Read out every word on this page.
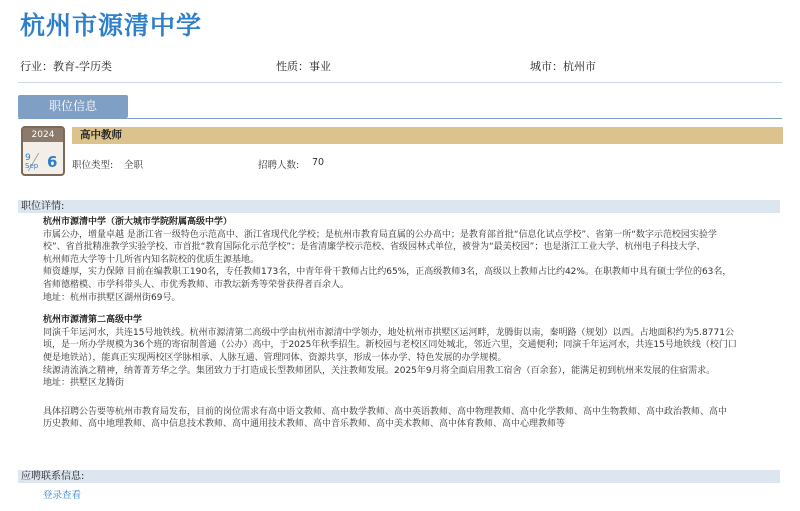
杭州市源清中学
行业：教育-学历类	性质：事业	城市：杭州市
职位信息
2024
9
Sep 6
高中教师
职位类型: 全职	招聘人数: 70
职位详情:

杭州市源清中学（浙大城市学院附属高级中学）

市属公办，增量卓越 是浙江省一级特色示范高中、浙江省现代化学校；是杭州市教育局直属的公办高中；是教育部首批“信息化试点学校”、省第一所“数字示范校园实验学

校”、省首批精准教学实验学校、市首批“教育国际化示范学校”；是省清廉学校示范校、省级园林式单位，被誉为“最美校园”；也是浙江工业大学、杭州电子科技大学、

杭州师范大学等十几所省内知名院校的优质生源基地。

师资雄厚，实力保障 目前在编教职工190名，专任教师173名，中青年骨干教师占比约65%，正高级教师3名，高级以上教师占比约42%。在职教师中具有硕士学位的63名，

省师德楷模、市学科带头人、市优秀教师、市教坛新秀等荣誉获得者百余人。

地址：杭州市拱墅区湖州街69号。

杭州市源清第二高级中学

同演千年运河水，共连15号地铁线。杭州市源清第二高级中学由杭州市源清中学领办，地处杭州市拱墅区运河畔，龙腾街以南，秦明路（规划）以西。占地面积约为5.8771公

顷，是一所办学规模为36个班的寄宿制普通（公办）高中，于2025年秋季招生。新校园与老校区同处城北，邻近六里，交通便利；同演千年运河水，共连15号地铁线（校门口

便是地铁站），能真正实现两校区学脉相承、人脉互通、管理同体、资源共享，形成一体办学、特色发展的办学规模。

续源清流淌之精神，纳菁菁芳华之学。集团致力于打造成长型教师团队，关注教师发展。2025年9月将全面启用教工宿舍（百余套），能满足初到杭州来发展的住宿需求。

地址：拱墅区龙腾街

具体招聘公告要等杭州市教育局发布，目前的岗位需求有高中语文教师、高中数学教师、高中英语教师、高中物理教师、高中化学教师、高中生物教师、高中政治教师、高中

历史教师、高中地理教师、高中信息技术教师、高中通用技术教师、高中音乐教师、高中美术教师、高中体育教师、高中心理教师等

应聘联系信息:
登录查看
